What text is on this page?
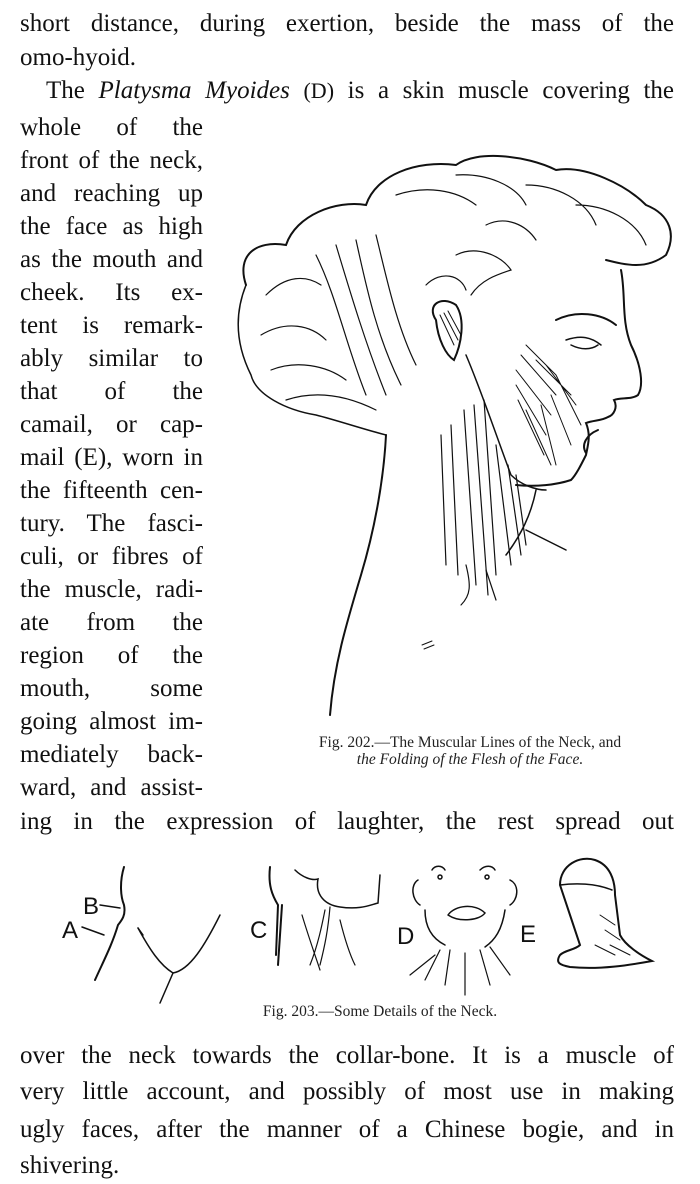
short distance, during exertion, beside the mass of the
omo-hyoid.
The Platysma Myoides (D) is a skin muscle covering the
whole of the
front of the neck,
and reaching up
the face as high
as the mouth and
cheek. Its ex-
tent is remark-
ably similar to
that of the
camail, or cap-
mail (E), worn in
the fifteenth cen-
tury. The fasci-
culi, or fibres of
the muscle, radi-
ate from the
region of the
mouth, some
going almost im-
mediately back-
ward, and assist-
Fig. 202.—The Muscular Lines of the Neck, and
the Folding of the Flesh of the Face.
ing in the expression of laughter, the rest spread out
B
A	C	D	E
Fig. 203.—Some Details of the Neck.
over the neck towards the collar-bone. It is a muscle of
very little account, and possibly of most use in making
ugly faces, after the manner of a Chinese bogie, and in
shivering.
